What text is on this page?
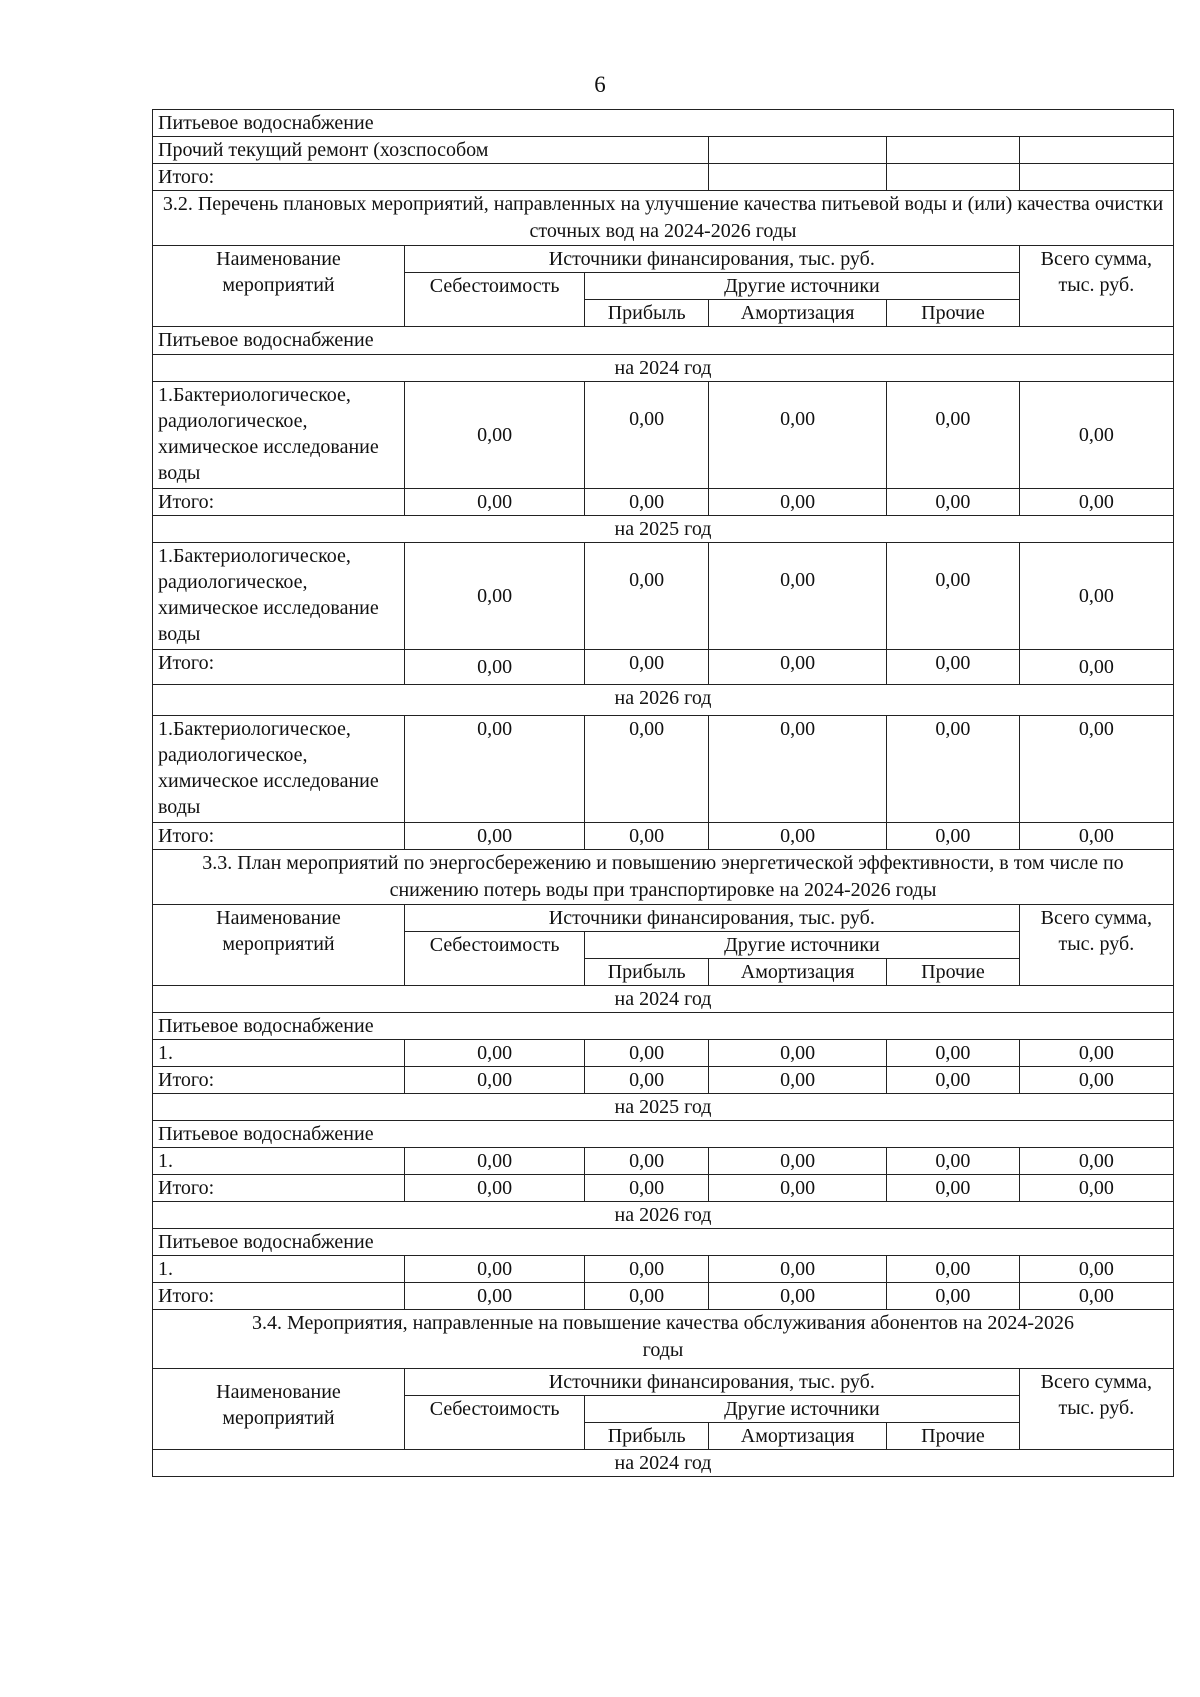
6
Питьевое водоснабжение					
Прочий текущий ремонт (хозспособом					
Итого:					
3.2. Перечень плановых мероприятий, направленных на улучшение качества питьевой воды и (или) качества очистки сточных вод на 2024-2026 годы					
Наименование мероприятий	Источники финансирования, тыс. руб.				Всего сумма, тыс. руб.
	Себестоимость	Другие источники			
		Прибыль	Амортизация	Прочие	
Питьевое водоснабжение					
на 2024 год					
1.Бактериологическое, радиологическое, химическое исследование воды	0,00	0,00	0,00	0,00	0,00
Итого:	0,00	0,00	0,00	0,00	0,00
на 2025 год					
1.Бактериологическое, радиологическое, химическое исследование воды	0,00	0,00	0,00	0,00	0,00
Итого:	0,00	0,00	0,00	0,00	0,00
на 2026 год					
1.Бактериологическое, радиологическое, химическое исследование воды	0,00	0,00	0,00	0,00	0,00
Итого:	0,00	0,00	0,00	0,00	0,00
3.3. План мероприятий по энергосбережению и повышению энергетической эффективности, в том числе по снижению потерь воды при транспортировке на 2024-2026 годы					
Наименование мероприятий	Источники финансирования, тыс. руб.				Всего сумма, тыс. руб.
	Себестоимость	Другие источники			
		Прибыль	Амортизация	Прочие	
на 2024 год					
Питьевое водоснабжение					
1.	0,00	0,00	0,00	0,00	0,00
Итого:	0,00	0,00	0,00	0,00	0,00
на 2025 год					
Питьевое водоснабжение					
1.	0,00	0,00	0,00	0,00	0,00
Итого:	0,00	0,00	0,00	0,00	0,00
на 2026 год					
Питьевое водоснабжение					
1.	0,00	0,00	0,00	0,00	0,00
Итого:	0,00	0,00	0,00	0,00	0,00
3.4. Мероприятия, направленные на повышение качества обслуживания абонентов на 2024-2026 годы					
Наименование мероприятий	Источники финансирования, тыс. руб.				Всего сумма, тыс. руб.
	Себестоимость	Другие источники			
		Прибыль	Амортизация	Прочие	
на 2024 год					
